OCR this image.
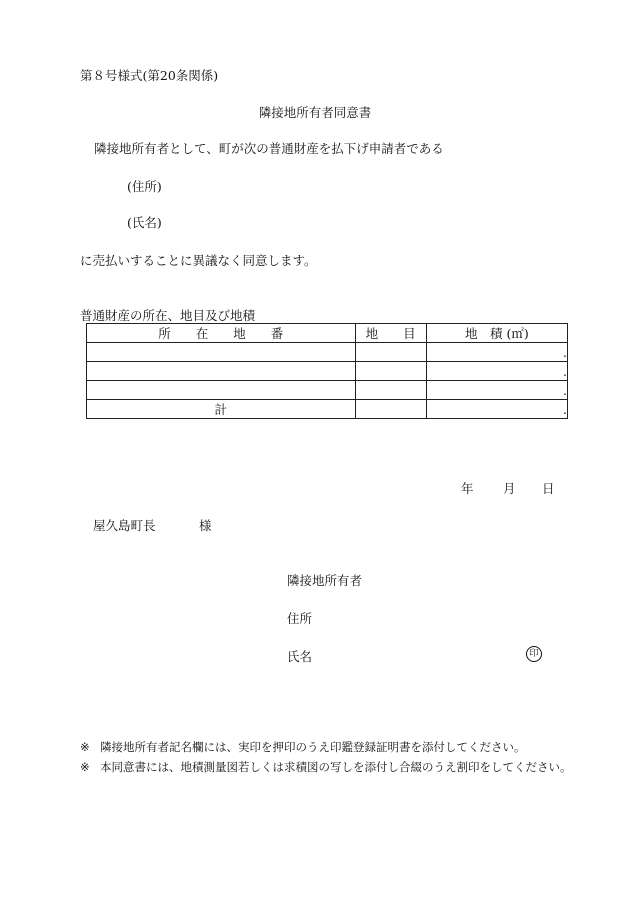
第８号様式(第20条関係)
隣接地所有者同意書
隣接地所有者として、町が次の普通財産を払下げ申請者である
(住所)
(氏名)
に売払いすることに異議なく同意します。
普通財産の所在、地目及び地積
所　　在　　地　　番	地　　目	地　積 (㎡)
		.
		.
		.
計		.
年 月 日
屋久島町長	様
隣接地所有者
住所
氏名	印
※ 隣接地所有者記名欄には、実印を押印のうえ印鑑登録証明書を添付してください。
※ 本同意書には、地積測量図若しくは求積図の写しを添付し合綴のうえ割印をしてください。
